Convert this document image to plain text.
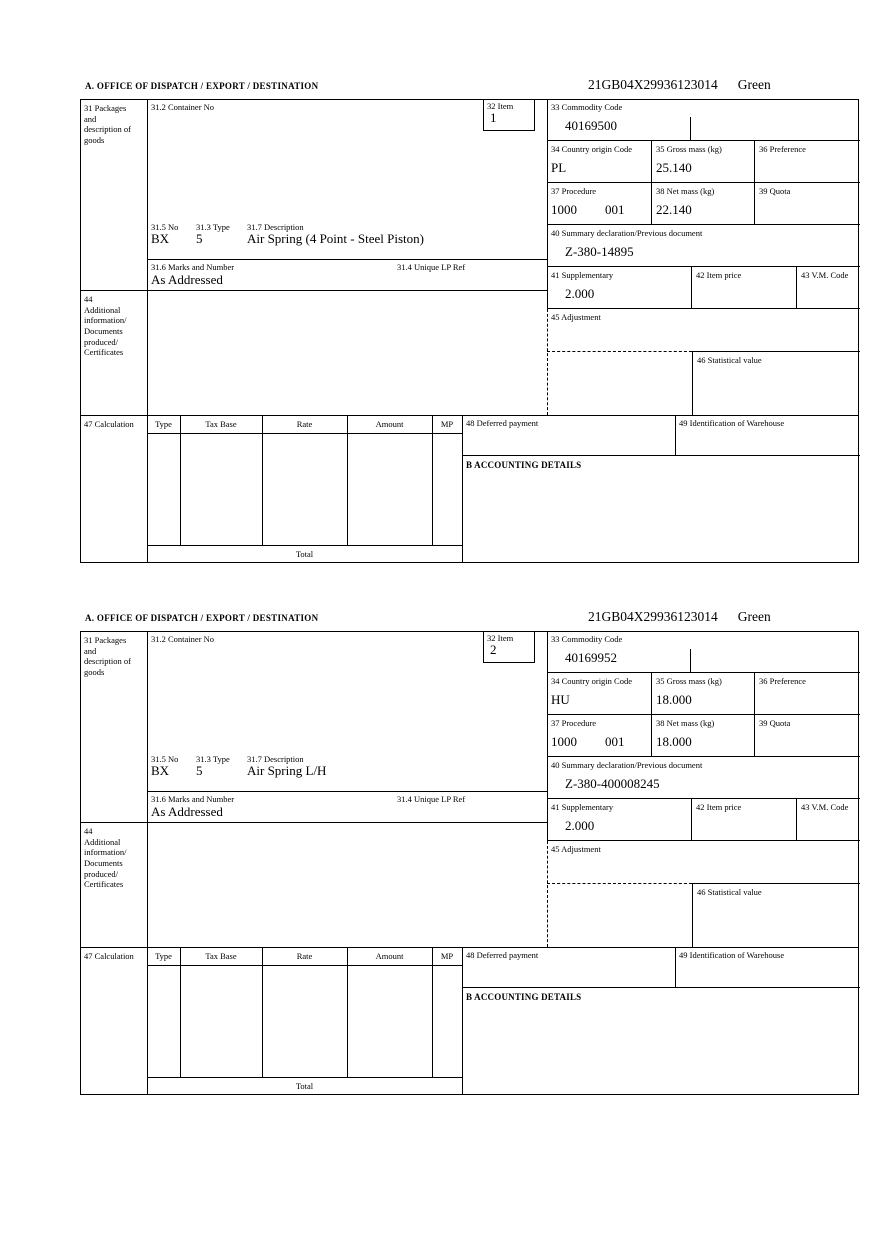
A. OFFICE OF DISPATCH / EXPORT / DESTINATION	21GB04X29936123014 Green
31 Packages and description of goods
31.2 Container No	32 Item
1
33 Commodity Code
40169500
34 Country origin Code
PL
35 Gross mass (kg)
25.140
36 Preference
37 Procedure
1000 001
38 Net mass (kg)
22.140
39 Quota
40 Summary declaration/Previous document
Z-380-14895
41 Supplementary
2.000
42 Item price	43 V.M. Code
45 Adjustment
46 Statistical value
31.5 No 31.3 Type 31.7 Description
BX 5	Air Spring (4 Point - Steel Piston)
31.6 Marks and Number	31.4 Unique LP Ref
As Addressed
44
Additional information/ Documents produced/ Certificates
47 Calculation	Type	Tax Base	Rate	Amount	MP
Total
48 Deferred payment	49 Identification of Warehouse
B ACCOUNTING DETAILS
A. OFFICE OF DISPATCH / EXPORT / DESTINATION	21GB04X29936123014 Green
31 Packages and description of goods
31.2 Container No	32 Item
2
33 Commodity Code
40169952
34 Country origin Code
HU
35 Gross mass (kg)
18.000
36 Preference
37 Procedure
1000 001
38 Net mass (kg)
18.000
39 Quota
40 Summary declaration/Previous document
Z-380-400008245
41 Supplementary
2.000
42 Item price	43 V.M. Code
45 Adjustment
46 Statistical value
31.5 No 31.3 Type 31.7 Description
BX 5	Air Spring L/H
31.6 Marks and Number	31.4 Unique LP Ref
As Addressed
44
Additional information/ Documents produced/ Certificates
47 Calculation	Type	Tax Base	Rate	Amount	MP
Total
48 Deferred payment	49 Identification of Warehouse
B ACCOUNTING DETAILS
